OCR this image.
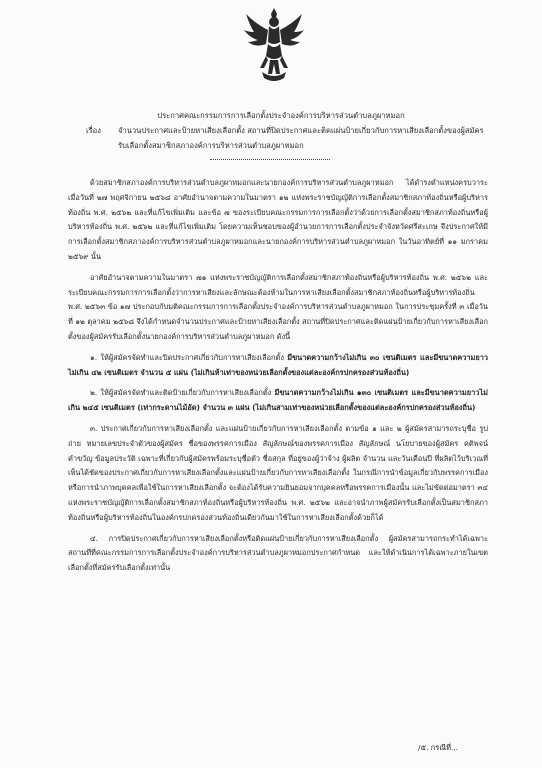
ประกาศคณะกรรมการการเลือกตั้งประจำองค์การบริหารส่วนตำบลภูผาหมอก
เรื่อง	จำนวนประกาศและป้ายหาเสียงเลือกตั้ง สถานที่ปิดประกาศและติดแผ่นป้ายเกี่ยวกับการหาเสียงเลือกตั้งของผู้สมัครรับเลือกตั้งสมาชิกสภาองค์การบริหารส่วนตำบลภูผาหมอก

ด้วยสมาชิกสภาองค์การบริหารส่วนตำบลภูผาหมอกและนายกองค์การบริหารส่วนตำบลภูผาหมอก ได้ดำรงตำแหน่งครบวาระ เมื่อวันที่ ๒๗ พฤศจิกายน ๒๕๖๘ อาศัยอำนาจตามความในมาตรา ๑๒ แห่งพระราชบัญญัติการเลือกตั้งสมาชิกสภาท้องถิ่นหรือผู้บริหารท้องถิ่น พ.ศ. ๒๕๖๒ และที่แก้ไขเพิ่มเติม และข้อ ๗ ของระเบียบคณะกรรมการการเลือกตั้งว่าด้วยการเลือกตั้งสมาชิกสภาท้องถิ่นหรือผู้บริหารท้องถิ่น พ.ศ. ๒๕๖๒ และที่แก้ไขเพิ่มเติม โดยความเห็นชอบของผู้อำนวยการการเลือกตั้งประจำจังหวัดศรีสะเกษ จึงประกาศให้มีการเลือกตั้งสมาชิกสภาองค์การบริหารส่วนตำบลภูผาหมอกและนายกองค์การบริหารส่วนตำบลภูผาหมอก ในวันอาทิตย์ที่ ๑๑ มกราคม ๒๕๖๙ นั้น

อาศัยอำนาจตามความในมาตรา ๗๑ แห่งพระราชบัญญัติการเลือกตั้งสมาชิกสภาท้องถิ่นหรือผู้บริหารท้องถิ่น พ.ศ. ๒๕๖๒ และระเบียบคณะกรรมการการเลือกตั้งว่าการหาเสียงและลักษณะต้องห้ามในการหาเสียงเลือกตั้งสมาชิกสภาท้องถิ่นหรือผู้บริหารท้องถิ่น พ.ศ. ๒๕๖๓ ข้อ ๑๗ ประกอบกับมติคณะกรรมการการเลือกตั้งประจำองค์การบริหารส่วนตำบลภูผาหมอก ในการประชุมครั้งที่ ๓ เมื่อวันที่ ๑๒ ตุลาคม ๒๕๖๘ จึงได้กำหนดจำนวนประกาศและป้ายหาเสียงเลือกตั้ง สถานที่ปิดประกาศและติดแผ่นป้ายเกี่ยวกับการหาเสียงเลือกตั้งของผู้สมัครรับเลือกตั้งนายกองค์การบริหารส่วนตำบลภูผาหมอก ดังนี้

๑. ให้ผู้สมัครจัดทำและปิดประกาศเกี่ยวกับการหาเสียงเลือกตั้ง มีขนาดความกว้างไม่เกิน ๓๐ เซนติเมตร และมีขนาดความยาวไม่เกิน ๔๒ เซนติเมตร จำนวน ๕ แผ่น (ไม่เกินห้าเท่าของหน่วยเลือกตั้งของแต่ละองค์กรปกครองส่วนท้องถิ่น)

๒. ให้ผู้สมัครจัดทำและติดป้ายเกี่ยวกับการหาเสียงเลือกตั้ง มีขนาดความกว้างไม่เกิน ๑๓๐ เซนติเมตร และมีขนาดความยาวไม่เกิน ๒๔๕ เซนติเมตร (เท่ากระดานไม้อัด) จำนวน ๓ แผ่น (ไม่เกินสามเท่าของหน่วยเลือกตั้งของแต่ละองค์กรปกครองส่วนท้องถิ่น)

๓. ประกาศเกี่ยวกับการหาเสียงเลือกตั้ง และแผ่นป้ายเกี่ยวกับการหาเสียงเลือกตั้ง ตามข้อ ๑ และ ๒ ผู้สมัครสามารถระบุชื่อ รูปถ่าย หมายเลขประจำตัวของผู้สมัคร ชื่อของพรรคการเมือง สัญลักษณ์ของพรรคการเมือง สัญลักษณ์ นโยบายของผู้สมัคร คติพจน์ คำขวัญ ข้อมูลประวัติ เฉพาะที่เกี่ยวกับผู้สมัครพร้อมระบุชื่อตัว ชื่อสกุล ที่อยู่ของผู้ว่าจ้าง ผู้ผลิต จำนวน และวันเดือนปี ที่ผลิตไว้บริเวณที่เห็นได้ชัดของประกาศเกี่ยวกับการหาเสียงเลือกตั้งและแผ่นป้ายเกี่ยวกับการหาเสียงเลือกตั้ง ในกรณีการนำข้อมูลเกี่ยวกับพรรคการเมืองหรือการนำภาพบุคคลเพื่อใช้ในการหาเสียงเลือกตั้ง จะต้องได้รับความยินยอมจากบุคคลหรือพรรคการเมืองนั้น และไม่ขัดต่อมาตรา ๓๔ แห่งพระราชบัญญัติการเลือกตั้งสมาชิกสภาท้องถิ่นหรือผู้บริหารท้องถิ่น พ.ศ. ๒๕๖๒ และอาจนำภาพผู้สมัครรับเลือกตั้งเป็นสมาชิกสภาท้องถิ่นหรือผู้บริหารท้องถิ่นในองค์กรปกครองส่วนท้องถิ่นเดียวกันมาใช้ในการหาเสียงเลือกตั้งด้วยก็ได้

๔. การปิดประกาศเกี่ยวกับการหาเสียงเลือกตั้งหรือติดแผ่นป้ายเกี่ยวกับการหาเสียงเลือกตั้ง ผู้สมัครสามารถกระทำได้เฉพาะสถานที่ที่คณะกรรมการการเลือกตั้งประจำองค์การบริหารส่วนตำบลภูผาหมอกประกาศกำหนด และให้ดำเนินการได้เฉพาะภายในเขตเลือกตั้งที่สมัครรับเลือกตั้งเท่านั้น

/๕. กรณีที่...
